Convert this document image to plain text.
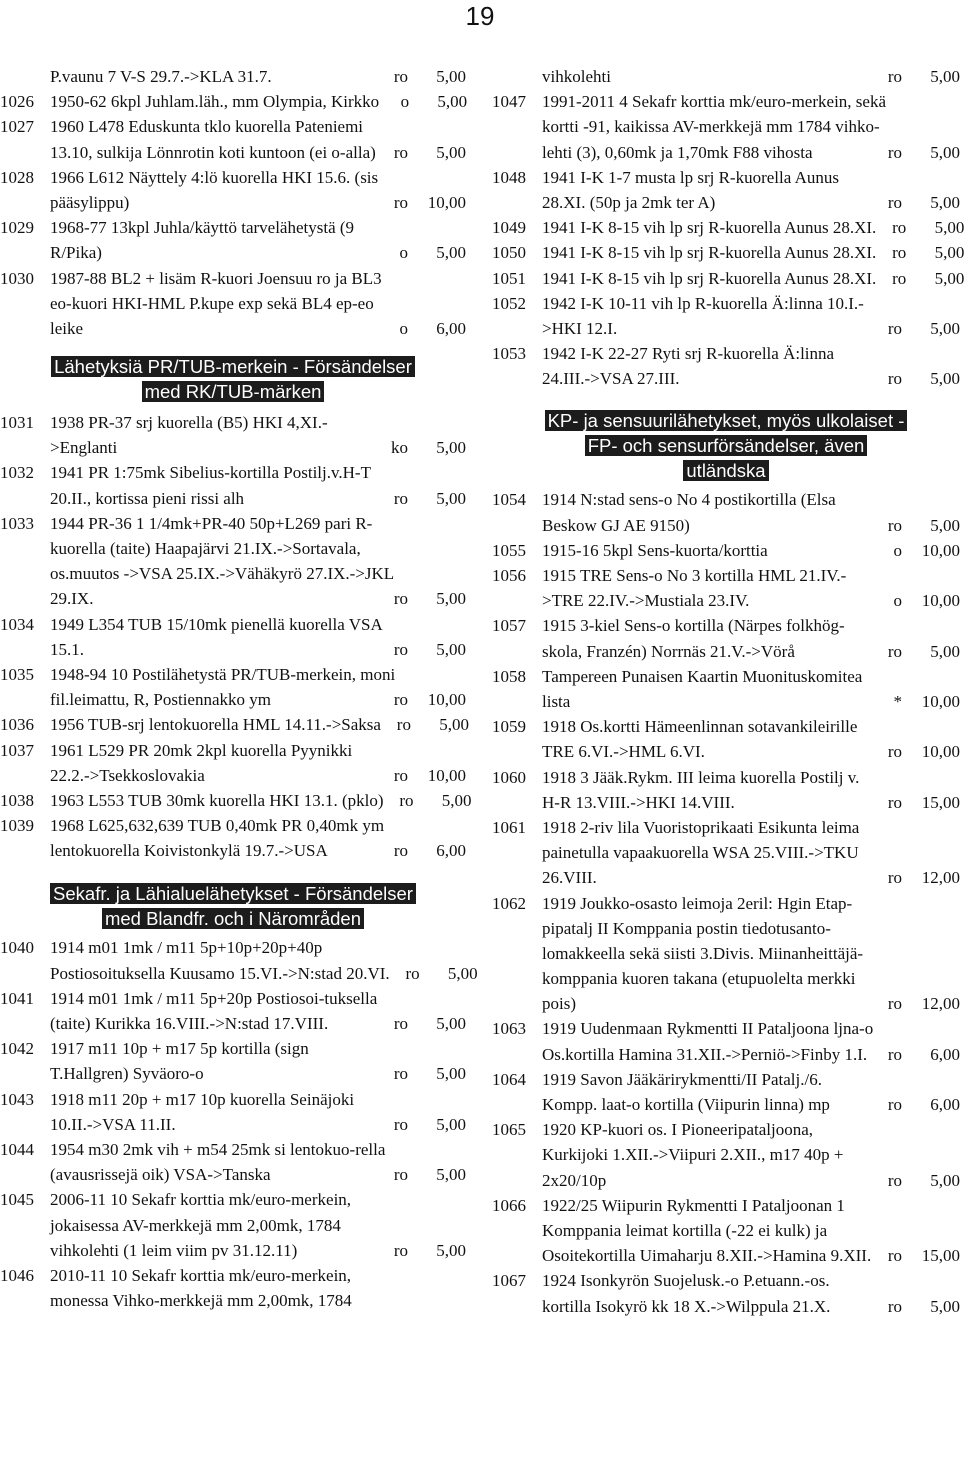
19
P.vaunu 7 V-S 29.7.->KLA 31.7.	ro	5,00
1026 1950-62 6kpl Juhlam.läh., mm Olympia, Kirkko	o	5,00
1027 1960 L478 Eduskunta tklo kuorella Pateniemi
13.10, sulkija Lönnrotin koti kuntoon (ei o-alla)	ro	5,00
1028 1966 L612 Näyttely 4:lö kuorella HKI 15.6. (sis
pääsylippu)	ro	10,00
1029 1968-77 13kpl Juhla/käyttö tarvelähetystä (9
R/Pika)	o	5,00
1030 1987-88 BL2 + lisäm R-kuori Joensuu ro ja BL3
eo-kuori HKI-HML P.kupe exp sekä BL4 ep-eo
leike	o	6,00
Lähetyksiä PR/TUB-merkein - Försändelser
med RK/TUB-märken
1031 1938 PR-37 srj kuorella (B5) HKI 4,XI.-
>Englanti	ko	5,00
1032 1941 PR 1:75mk Sibelius-kortilla Postilj.v.H-T
20.II., kortissa pieni rissi alh	ro	5,00
1033 1944 PR-36 1 1/4mk+PR-40 50p+L269 pari R-
kuorella (taite) Haapajärvi 21.IX.->Sortavala,
os.muutos ->VSA 25.IX.->Vähäkyrö 27.IX.->JKL
29.IX.	ro	5,00
1034 1949 L354 TUB 15/10mk pienellä kuorella VSA
15.1.	ro	5,00
1035 1948-94 10 Postilähetystä PR/TUB-merkein, moni
fil.leimattu, R, Postiennakko ym	ro	10,00
1036 1956 TUB-srj lentokuorella HML 14.11.->Saksa ro	5,00
1037 1961 L529 PR 20mk 2kpl kuorella Pyynikki
22.2.->Tsekkoslovakia	ro	10,00
1038 1963 L553 TUB 30mk kuorella HKI 13.1. (pklo) ro	5,00
1039 1968 L625,632,639 TUB 0,40mk PR 0,40mk ym
lentokuorella Koivistonkylä 19.7.->USA	ro	6,00
Sekafr. ja Lähialuelähetykset - Försändelser
med Blandfr. och i Närområden
1040 1914 m01 1mk / m11 5p+10p+20p+40p
Postiosoituksella Kuusamo 15.VI.->N:stad 20.VI. ro	5,00
1041 1914 m01 1mk / m11 5p+20p Postiosoi-tuksella
(taite) Kurikka 16.VIII.->N:stad 17.VIII.	ro	5,00
1042 1917 m11 10p + m17 5p kortilla (sign
T.Hallgren) Syväoro-o	ro	5,00
1043 1918 m11 20p + m17 10p kuorella Seinäjoki
10.II.->VSA 11.II.	ro	5,00
1044 1954 m30 2mk vih + m54 25mk si lentokuo-rella
(avausrissejä oik) VSA->Tanska	ro	5,00
1045 2006-11 10 Sekafr korttia mk/euro-merkein,
jokaisessa AV-merkkejä mm 2,00mk, 1784
vihkolehti (1 leim viim pv 31.12.11)	ro	5,00
1046 2010-11 10 Sekafr korttia mk/euro-merkein,
monessa Vihko-merkkejä mm 2,00mk, 1784
vihkolehti	ro	5,00
1047 1991-2011 4 Sekafr korttia mk/euro-merkein, sekä
kortti -91, kaikissa AV-merkkejä mm 1784 vihko-
lehti (3), 0,60mk ja 1,70mk F88 vihosta	ro	5,00
1048 1941 I-K 1-7 musta lp srj R-kuorella Aunus
28.XI. (50p ja 2mk ter A)	ro	5,00
1049 1941 I-K 8-15 vih lp srj R-kuorella Aunus 28.XI. ro	5,00
1050 1941 I-K 8-15 vih lp srj R-kuorella Aunus 28.XI. ro	5,00
1051 1941 I-K 8-15 vih lp srj R-kuorella Aunus 28.XI. ro	5,00
1052 1942 I-K 10-11 vih lp R-kuorella Ä:linna 10.I.-
>HKI 12.I.	ro	5,00
1053 1942 I-K 22-27 Ryti srj R-kuorella Ä:linna
24.III.->VSA 27.III.	ro	5,00
KP- ja sensuurilähetykset, myös ulkolaiset -
FP- och sensurförsändelser, även
utländska
1054 1914 N:stad sens-o No 4 postikortilla (Elsa
Beskow GJ AE 9150)	ro	5,00
1055 1915-16 5kpl Sens-kuorta/korttia	o	10,00
1056 1915 TRE Sens-o No 3 kortilla HML 21.IV.-
>TRE 22.IV.->Mustiala 23.IV.	o	10,00
1057 1915 3-kiel Sens-o kortilla (Närpes folkhög-
skola, Franzén) Norrnäs 21.V.->Vörå	ro	5,00
1058 Tampereen Punaisen Kaartin Muonituskomitea
lista	*	10,00
1059 1918 Os.kortti Hämeenlinnan sotavankileirille
TRE 6.VI.->HML 6.VI.	ro	10,00
1060 1918 3 Jääk.Rykm. III leima kuorella Postilj v.
H-R 13.VIII.->HKI 14.VIII.	ro	15,00
1061 1918 2-riv lila Vuoristoprikaati Esikunta leima
painetulla vapaakuorella WSA 25.VIII.->TKU
26.VIII.	ro	12,00
1062 1919 Joukko-osasto leimoja 2eril: Hgin Etap-
pipatalj II Komppania postin tiedotusanto-
lomakkeella sekä siisti 3.Divis. Miinanheittäjä-
komppania kuoren takana (etupuolelta merkki
pois)	ro	12,00
1063 1919 Uudenmaan Rykmentti II Pataljoona ljna-o
Os.kortilla Hamina 31.XII.->Perniö->Finby 1.I.	ro	6,00
1064 1919 Savon Jääkärirykmentti/II Patalj./6.
Kompp. laat-o kortilla (Viipurin linna) mp	ro	6,00
1065 1920 KP-kuori os. I Pioneeripataljoona,
Kurkijoki 1.XII.->Viipuri 2.XII., m17 40p +
2x20/10p	ro	5,00
1066 1922/25 Wiipurin Rykmentti I Pataljoonan 1
Komppania leimat kortilla (-22 ei kulk) ja
Osoitekortilla Uimaharju 8.XII.->Hamina 9.XII. ro	15,00
1067 1924 Isonkyrön Suojelusk.-o P.etuann.-os.
kortilla Isokyrö kk 18 X.->Wilppula 21.X.	ro	5,00
